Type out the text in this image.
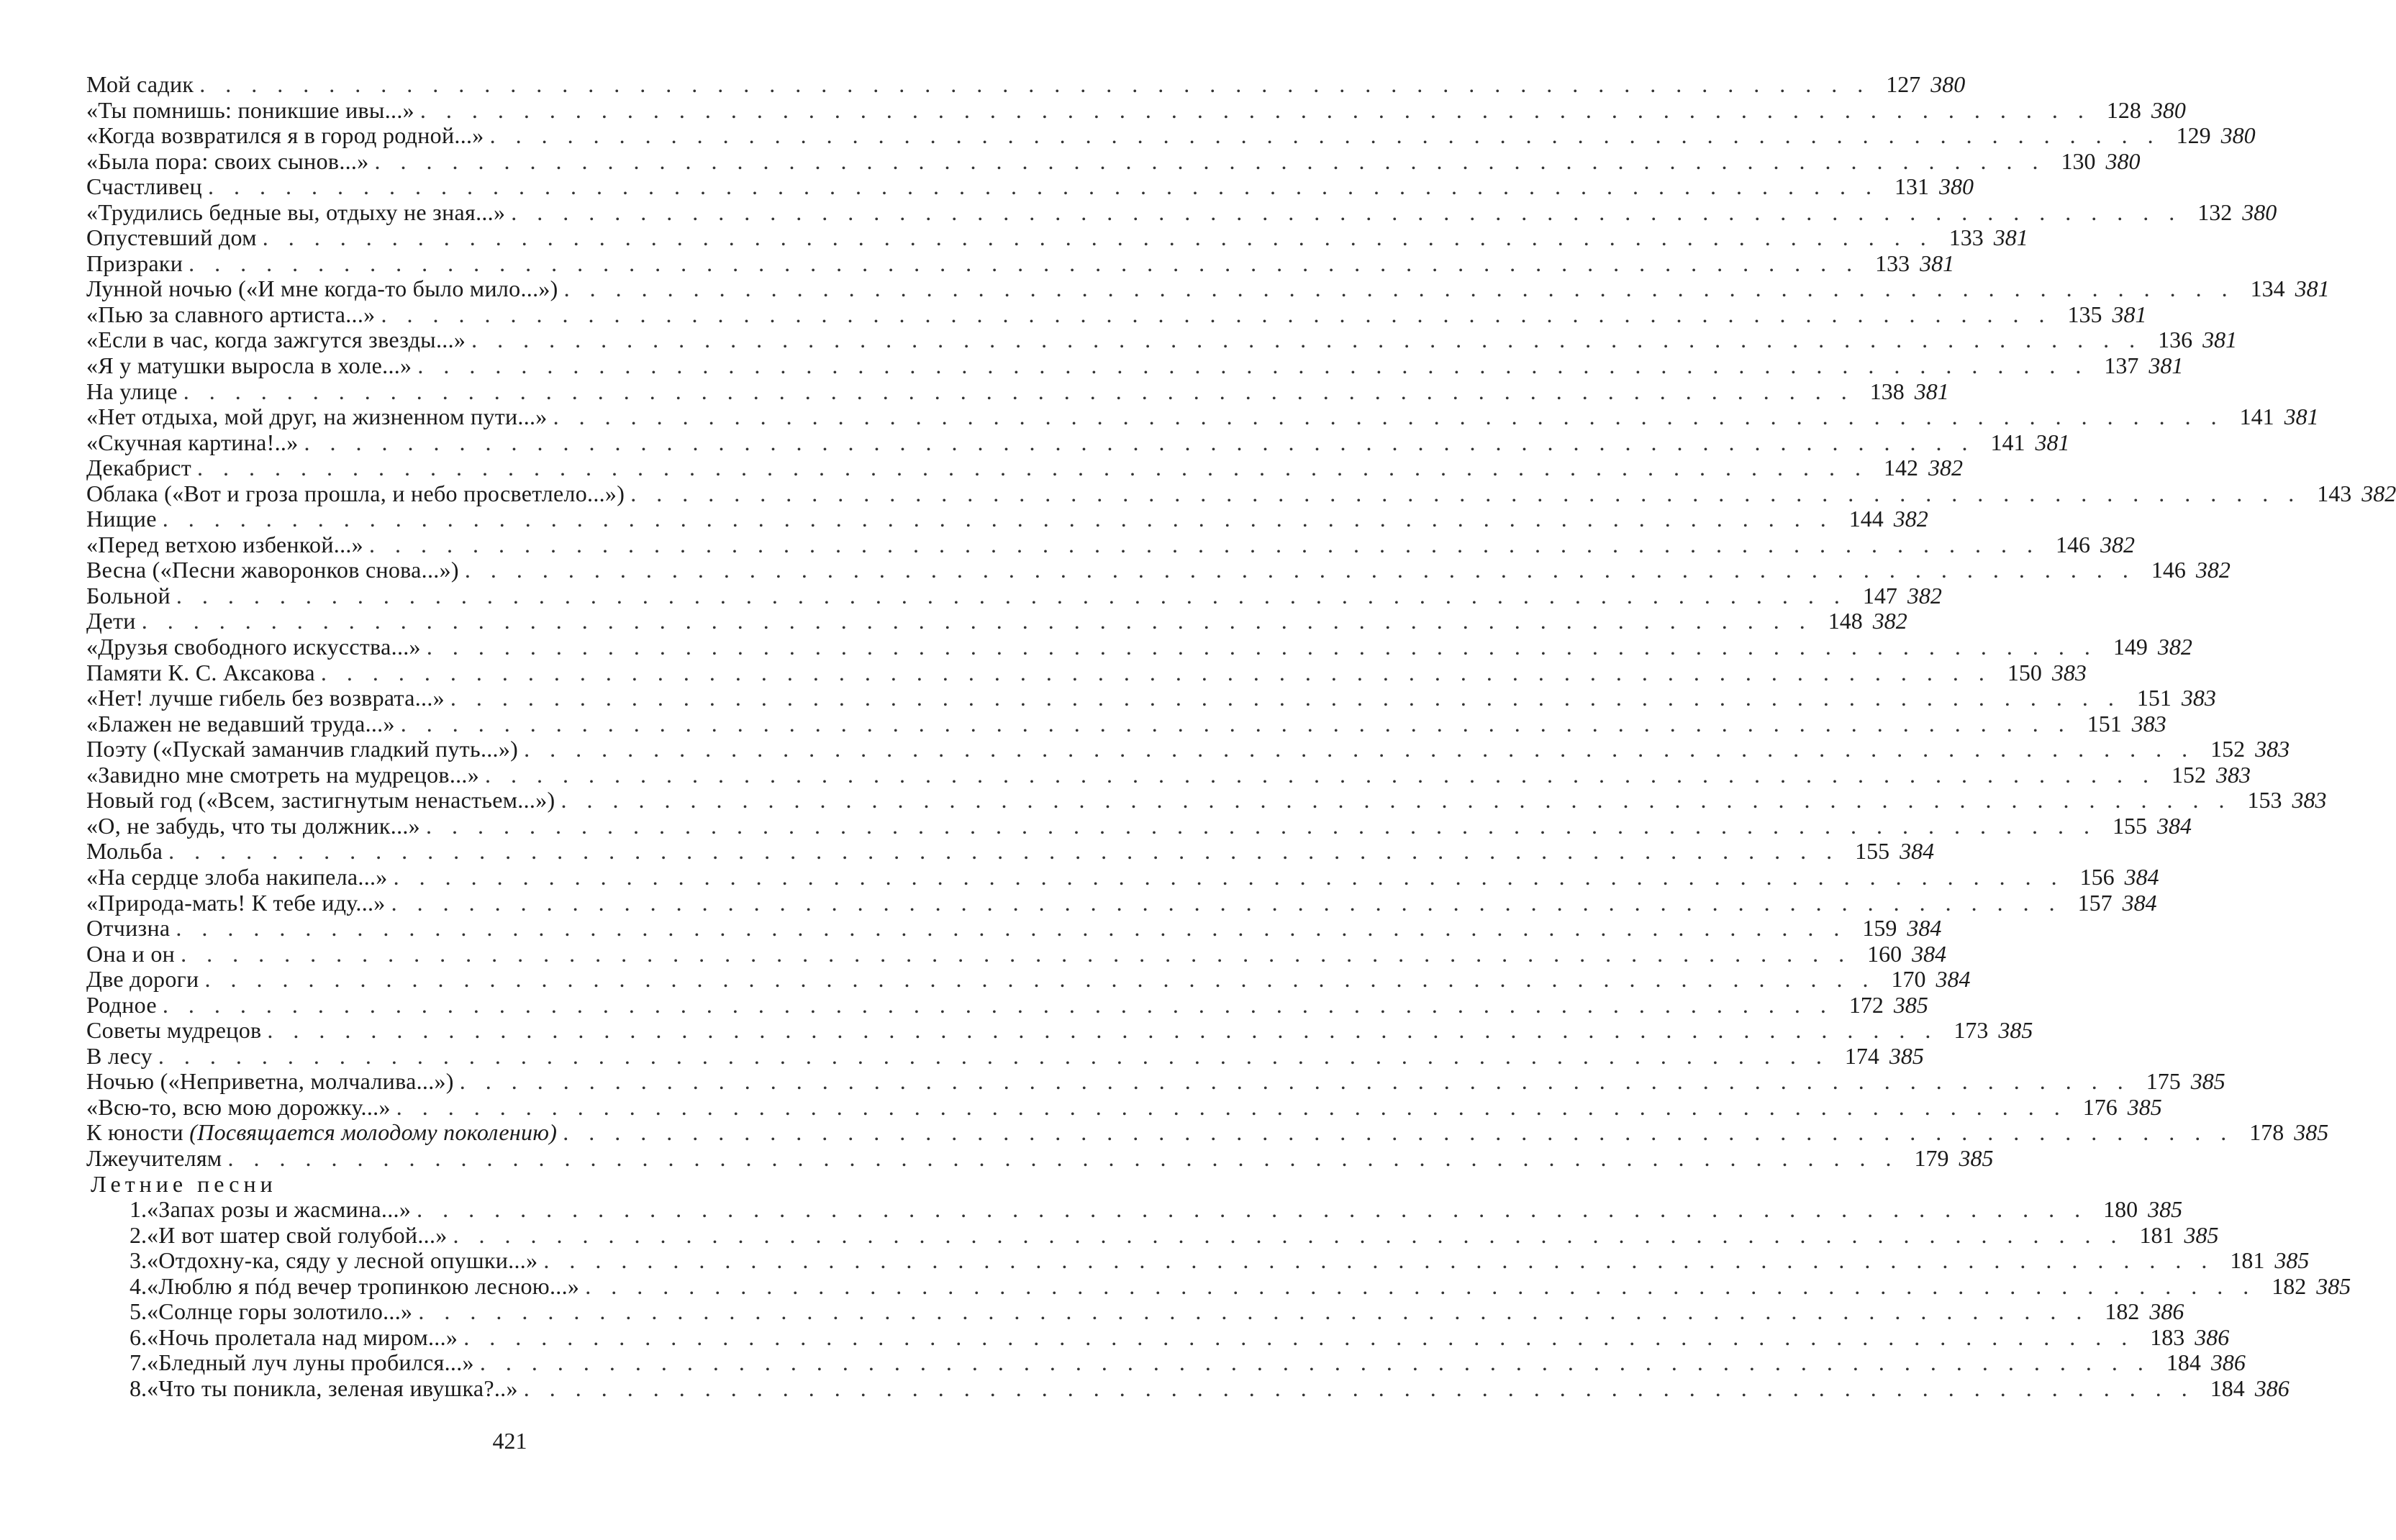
Мой садик . . .	127 380
«Ты помнишь: поникшие ивы...» . . .	128 380
«Когда возвратился я в город родной...» . . .	129 380
«Была пора: своих сынов...» . . .	130 380
Счастливец . . .	131 380
«Трудились бедные вы, отдыху не зная...» . . .	132 380
Опустевший дом . . .	133 381
Призраки . . .	133 381
Лунной ночью («И мне когда-то было мило...») . . .	134 381
«Пью за славного артиста...» . . .	135 381
«Если в час, когда зажгутся звезды...» . . .	136 381
«Я у матушки выросла в холе...» . . .	137 381
На улице . . .	138 381
«Нет отдыха, мой друг, на жизненном пути...» . . .	141 381
«Скучная картина!..» . . .	141 381
Декабрист . . .	142 382
Облака («Вот и гроза прошла, и небо просветлело...») . . .	143 382
Нищие . . .	144 382
«Перед ветхою избенкой...» . . .	146 382
Весна («Песни жаворонков снова...») . . .	146 382
Больной . . .	147 382
Дети . . .	148 382
«Друзья свободного искусства...» . . .	149 382
Памяти К. С. Аксакова . . .	150 383
«Нет! лучше гибель без возврата...» . . .	151 383
«Блажен не ведавший труда...» . . .	151 383
Поэту («Пускай заманчив гладкий путь...») . . .	152 383
«Завидно мне смотреть на мудрецов...» . . .	152 383
Новый год («Всем, застигнутым ненастьем...») . . .	153 383
«О, не забудь, что ты должник...» . . .	155 384
Мольба . . .	155 384
«На сердце злоба накипела...» . . .	156 384
«Природа-мать! К тебе иду...» . . .	157 384
Отчизна . . .	159 384
Она и он . . .	160 384
Две дороги . . .	170 384
Родное . . .	172 385
Советы мудрецов . . .	173 385
В лесу . . .	174 385
Ночью («Неприветна, молчалива...») . . .	175 385
«Всю-то, всю мою дорожку...» . . .	176 385
К юности (Посвящается молодому поколению) . . .	178 385
Лжеучителям . . .	179 385
Летние песни
1. «Запах розы и жасмина...» . . .	180 385
2. «И вот шатер свой голубой...» . . .	181 385
3. «Отдохну-ка, сяду у лесной опушки...» . . .	181 385
4. «Люблю я пóд вечер тропинкою лесною...» . . .	182 385
5. «Солнце горы золотило...» . . .	182 386
6. «Ночь пролетала над миром...» . . .	183 386
7. «Бледный луч луны пробился...» . . .	184 386
8. «Что ты поникла, зеленая ивушка?..» . . .	184 386
421
